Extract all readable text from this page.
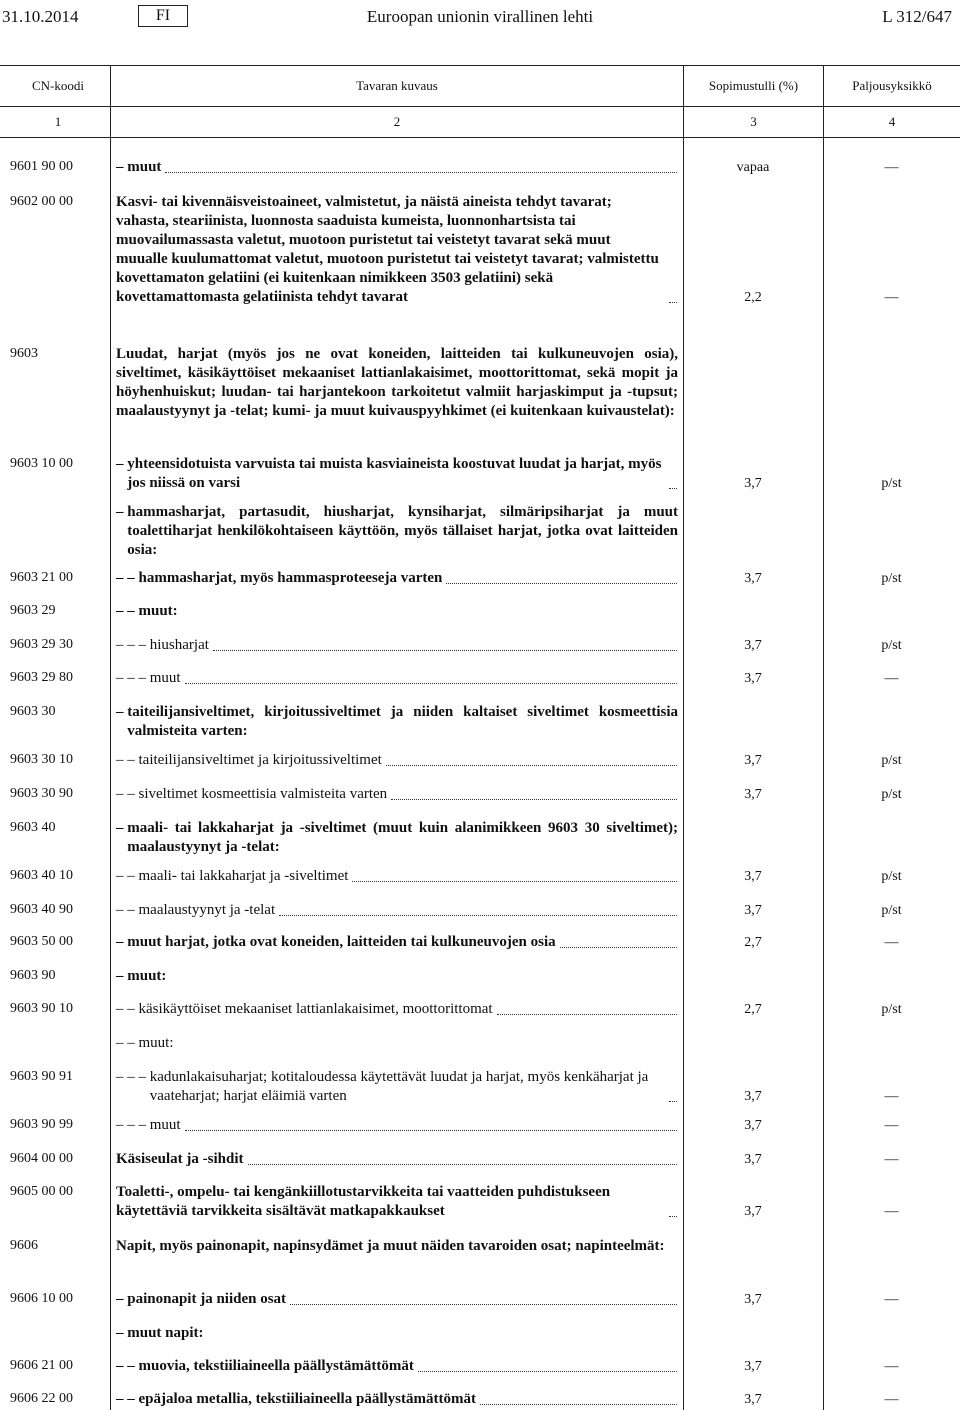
31.10.2014	FI	Euroopan unionin virallinen lehti	L 312/647
CN-koodi	Tavaran kuvaus	Sopimustulli (%)	Paljousyksikkö
1	2	3	4
9601 90 00	– muut	vapaa	—
9602 00 00	Kasvi- tai kivennäisveistoaineet, valmistetut, ja näistä aineista tehdyt tavarat; vahasta, steariinista, luonnosta saaduista kumeista, luonnonhartsista tai muovailumassasta valetut, muotoon puristetut tai veistetyt tavarat sekä muut muualle kuulumattomat valetut, muotoon puristetut tai veistetyt tavarat; valmistettu kovettamaton gelatiini (ei kuitenkaan nimikkeen 3503 gelatiini) sekä kovettamattomasta gelatiinista tehdyt tavarat	2,2	—
9603	Luudat, harjat (myös jos ne ovat koneiden, laitteiden tai kulkuneuvojen osia), siveltimet, käsikäyttöiset mekaaniset lattianlakaisimet, moottorittomat, sekä mopit ja höyhenhuiskut; luudan- tai harjantekoon tarkoitetut valmiit harjaskimput ja -tupsut; maalaustyynyt ja -telat; kumi- ja muut kuivauspyyhkimet (ei kuitenkaan kuivaustelat):
9603 10 00	– yhteensidotuista varvuista tai muista kasviaineista koostuvat luudat ja harjat, myös jos niissä on varsi	3,7	p/st
– hammasharjat, partasudit, hiusharjat, kynsiharjat, silmäripsiharjat ja muut toalettiharjat henkilökohtaiseen käyttöön, myös tällaiset harjat, jotka ovat laitteiden osia:
9603 21 00	– – hammasharjat, myös hammasproteeseja varten	3,7	p/st
9603 29	– – muut:
9603 29 30	– – – hiusharjat	3,7	p/st
9603 29 80	– – – muut	3,7	—
9603 30	– taiteilijansiveltimet, kirjoitussiveltimet ja niiden kaltaiset siveltimet kosmeettisia valmisteita varten:
9603 30 10	– – taiteilijansiveltimet ja kirjoitussiveltimet	3,7	p/st
9603 30 90	– – siveltimet kosmeettisia valmisteita varten	3,7	p/st
9603 40	– maali- tai lakkaharjat ja -siveltimet (muut kuin alanimikkeen 9603 30 siveltimet); maalaustyynyt ja -telat:
9603 40 10	– – maali- tai lakkaharjat ja -siveltimet	3,7	p/st
9603 40 90	– – maalaustyynyt ja -telat	3,7	p/st
9603 50 00	– muut harjat, jotka ovat koneiden, laitteiden tai kulkuneuvojen osia	2,7	—
9603 90	– muut:
9603 90 10	– – käsikäyttöiset mekaaniset lattianlakaisimet, moottorittomat	2,7	p/st
– – muut:
9603 90 91	– – – kadunlakaisuharjat; kotitaloudessa käytettävät luudat ja harjat, myös kenkäharjat ja vaateharjat; harjat eläimiä varten	3,7	—
9603 90 99	– – – muut	3,7	—
9604 00 00	Käsiseulat ja -sihdit	3,7	—
9605 00 00	Toaletti-, ompelu- tai kengänkiillotustarvikkeita tai vaatteiden puhdistukseen käytettäviä tarvikkeita sisältävät matkapakkaukset	3,7	—
9606	Napit, myös painonapit, napinsydämet ja muut näiden tavaroiden osat; napinteelmät:
9606 10 00	– painonapit ja niiden osat	3,7	—
– muut napit:
9606 21 00	– – muovia, tekstiiliaineella päällystämättömät	3,7	—
9606 22 00	– – epäjaloa metallia, tekstiiliaineella päällystämättömät	3,7	—
